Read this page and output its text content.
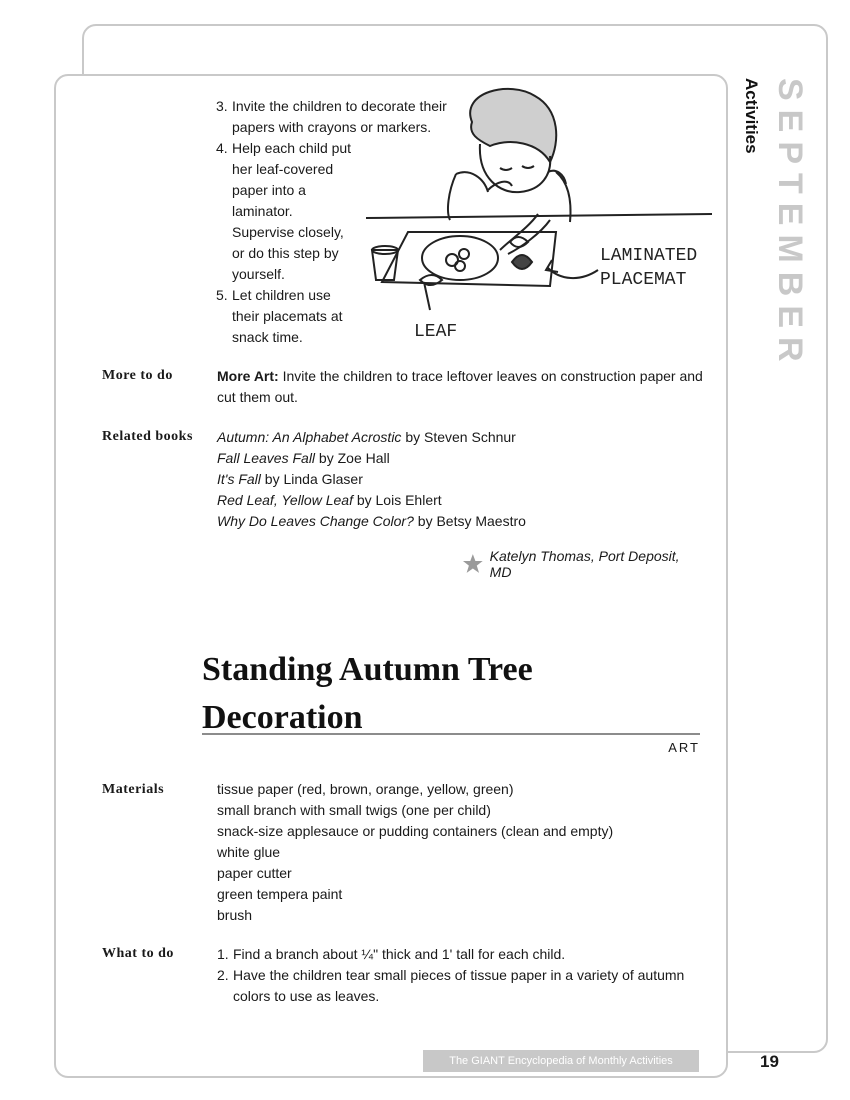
SEPTEMBER
Activities
3. Invite the children to decorate their papers with crayons or markers.
4. Help each child put her leaf-covered paper into a laminator. Supervise closely, or do this step by yourself.
5. Let children use their placemats at snack time.
LAMINATED
PLACEMAT
LEAF
More to do	More Art: Invite the children to trace leftover leaves on construction paper and cut them out.
Related books Autumn: An Alphabet Acrostic by Steven Schnur
Fall Leaves Fall by Zoe Hall
It's Fall by Linda Glaser
Red Leaf, Yellow Leaf by Lois Ehlert
Why Do Leaves Change Color? by Betsy Maestro
Katelyn Thomas, Port Deposit, MD
Standing Autumn Tree
Decoration
ART
Materials	tissue paper (red, brown, orange, yellow, green)
small branch with small twigs (one per child)
snack-size applesauce or pudding containers (clean and empty)
white glue
paper cutter
green tempera paint
brush
What to do	1. Find a branch about ¼" thick and 1' tall for each child.
2. Have the children tear small pieces of tissue paper in a variety of autumn colors to use as leaves.
The GIANT Encyclopedia of Monthly Activities	19
